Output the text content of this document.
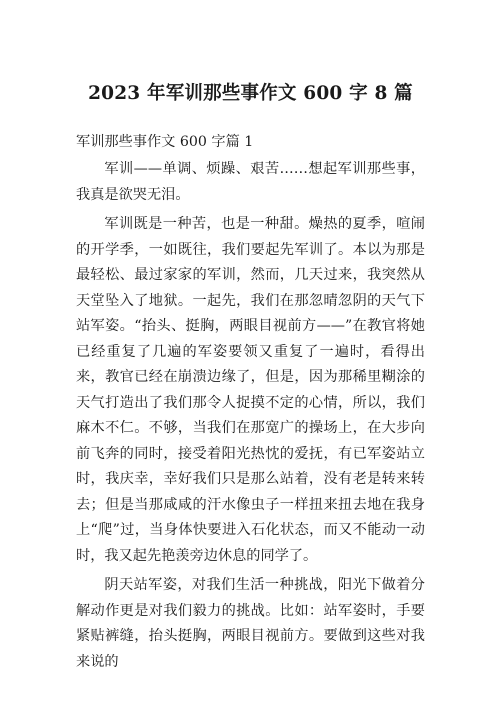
2023 年军训那些事作文 600 字 8 篇

军训那些事作文 600 字篇 1

军训——单调、烦躁、艰苦……想起军训那些事，我真是欲哭无泪。

军训既是一种苦，也是一种甜。燥热的夏季，喧闹的开学季，一如既往，我们要起先军训了。本以为那是最轻松、最过家家的军训，然而，几天过来，我突然从天堂坠入了地狱。一起先，我们在那忽晴忽阴的天气下站军姿。“抬头、挺胸，两眼目视前方——”在教官将她已经重复了几遍的军姿要领又重复了一遍时，看得出来，教官已经在崩溃边缘了，但是，因为那稀里糊涂的天气打造出了我们那令人捉摸不定的心情，所以，我们麻木不仁。不够，当我们在那宽广的操场上，在大步向前飞奔的同时，接受着阳光热忱的爱抚，有已军姿站立时，我庆幸，幸好我们只是那么站着，没有老是转来转去；但是当那咸咸的汗水像虫子一样扭来扭去地在我身上“爬”过，当身体快要进入石化状态，而又不能动一动时，我又起先艳羡旁边休息的同学了。

阴天站军姿，对我们生活一种挑战，阳光下做着分解动作更是对我们毅力的挑战。比如：站军姿时，手要紧贴裤缝，抬头挺胸，两眼目视前方。要做到这些对我来说的
